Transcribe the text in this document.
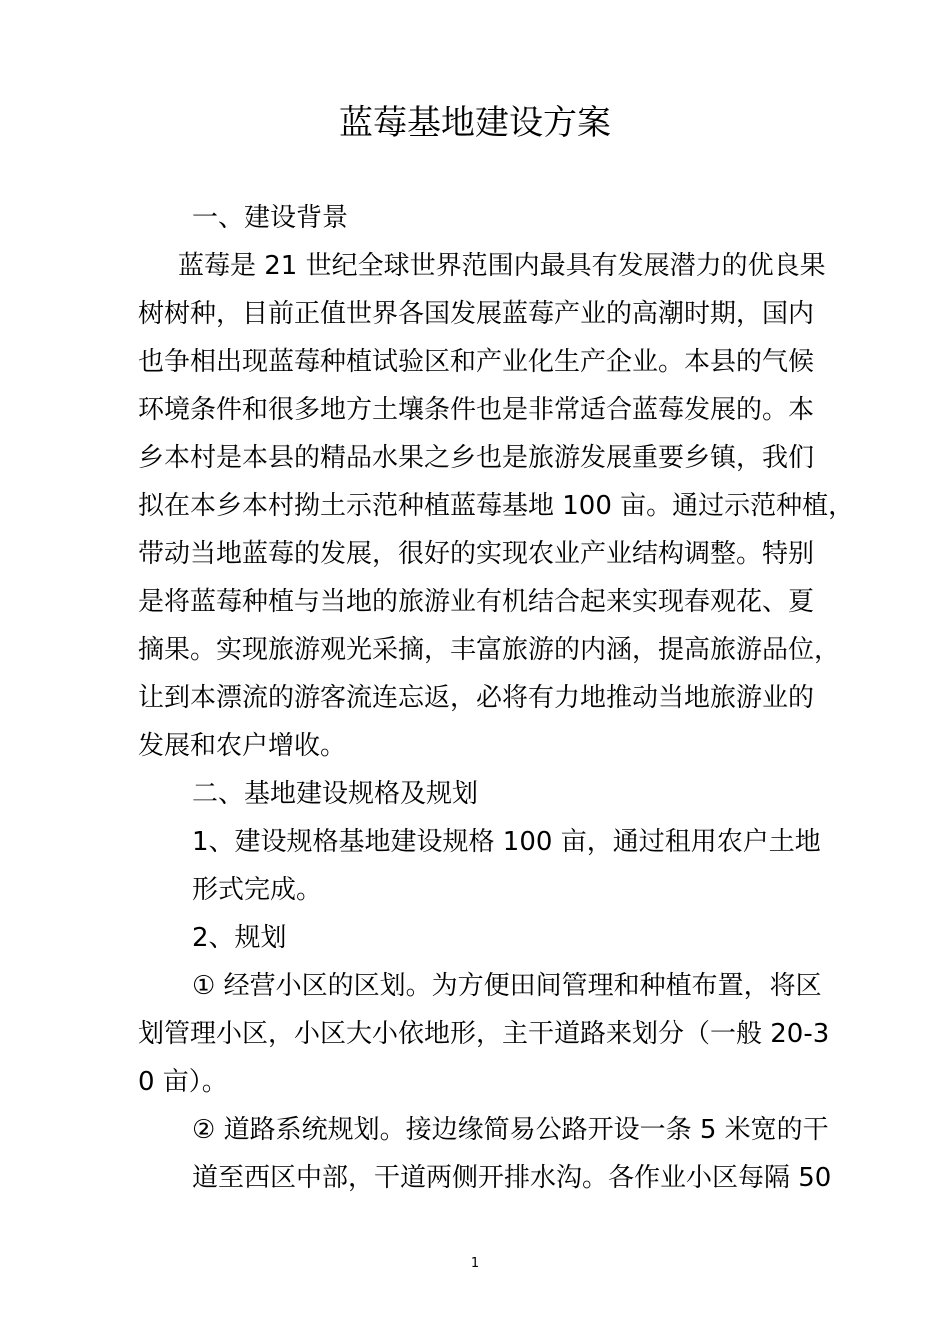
蓝莓基地建设方案

一、建设背景

蓝莓是 21 世纪全球世界范围内最具有发展潜力的优良果

树树种，目前正值世界各国发展蓝莓产业的高潮时期，国内

也争相出现蓝莓种植试验区和产业化生产企业。本县的气候

环境条件和很多地方土壤条件也是非常适合蓝莓发展的。本

乡本村是本县的精品水果之乡也是旅游发展重要乡镇，我们

拟在本乡本村拗土示范种植蓝莓基地 100 亩。通过示范种植，

带动当地蓝莓的发展，很好的实现农业产业结构调整。特别

是将蓝莓种植与当地的旅游业有机结合起来实现春观花、夏

摘果。实现旅游观光采摘，丰富旅游的内涵，提高旅游品位，

让到本漂流的游客流连忘返，必将有力地推动当地旅游业的

发展和农户增收。

二、基地建设规格及规划

1、建设规格基地建设规格 100 亩，通过租用农户土地

形式完成。

2、规划

① 经营小区的区划。为方便田间管理和种植布置，将区

划管理小区，小区大小依地形，主干道路来划分（一般 20-3

0 亩）。

② 道路系统规划。接边缘简易公路开设一条 5 米宽的干

道至西区中部，干道两侧开排水沟。各作业小区每隔 50

1
